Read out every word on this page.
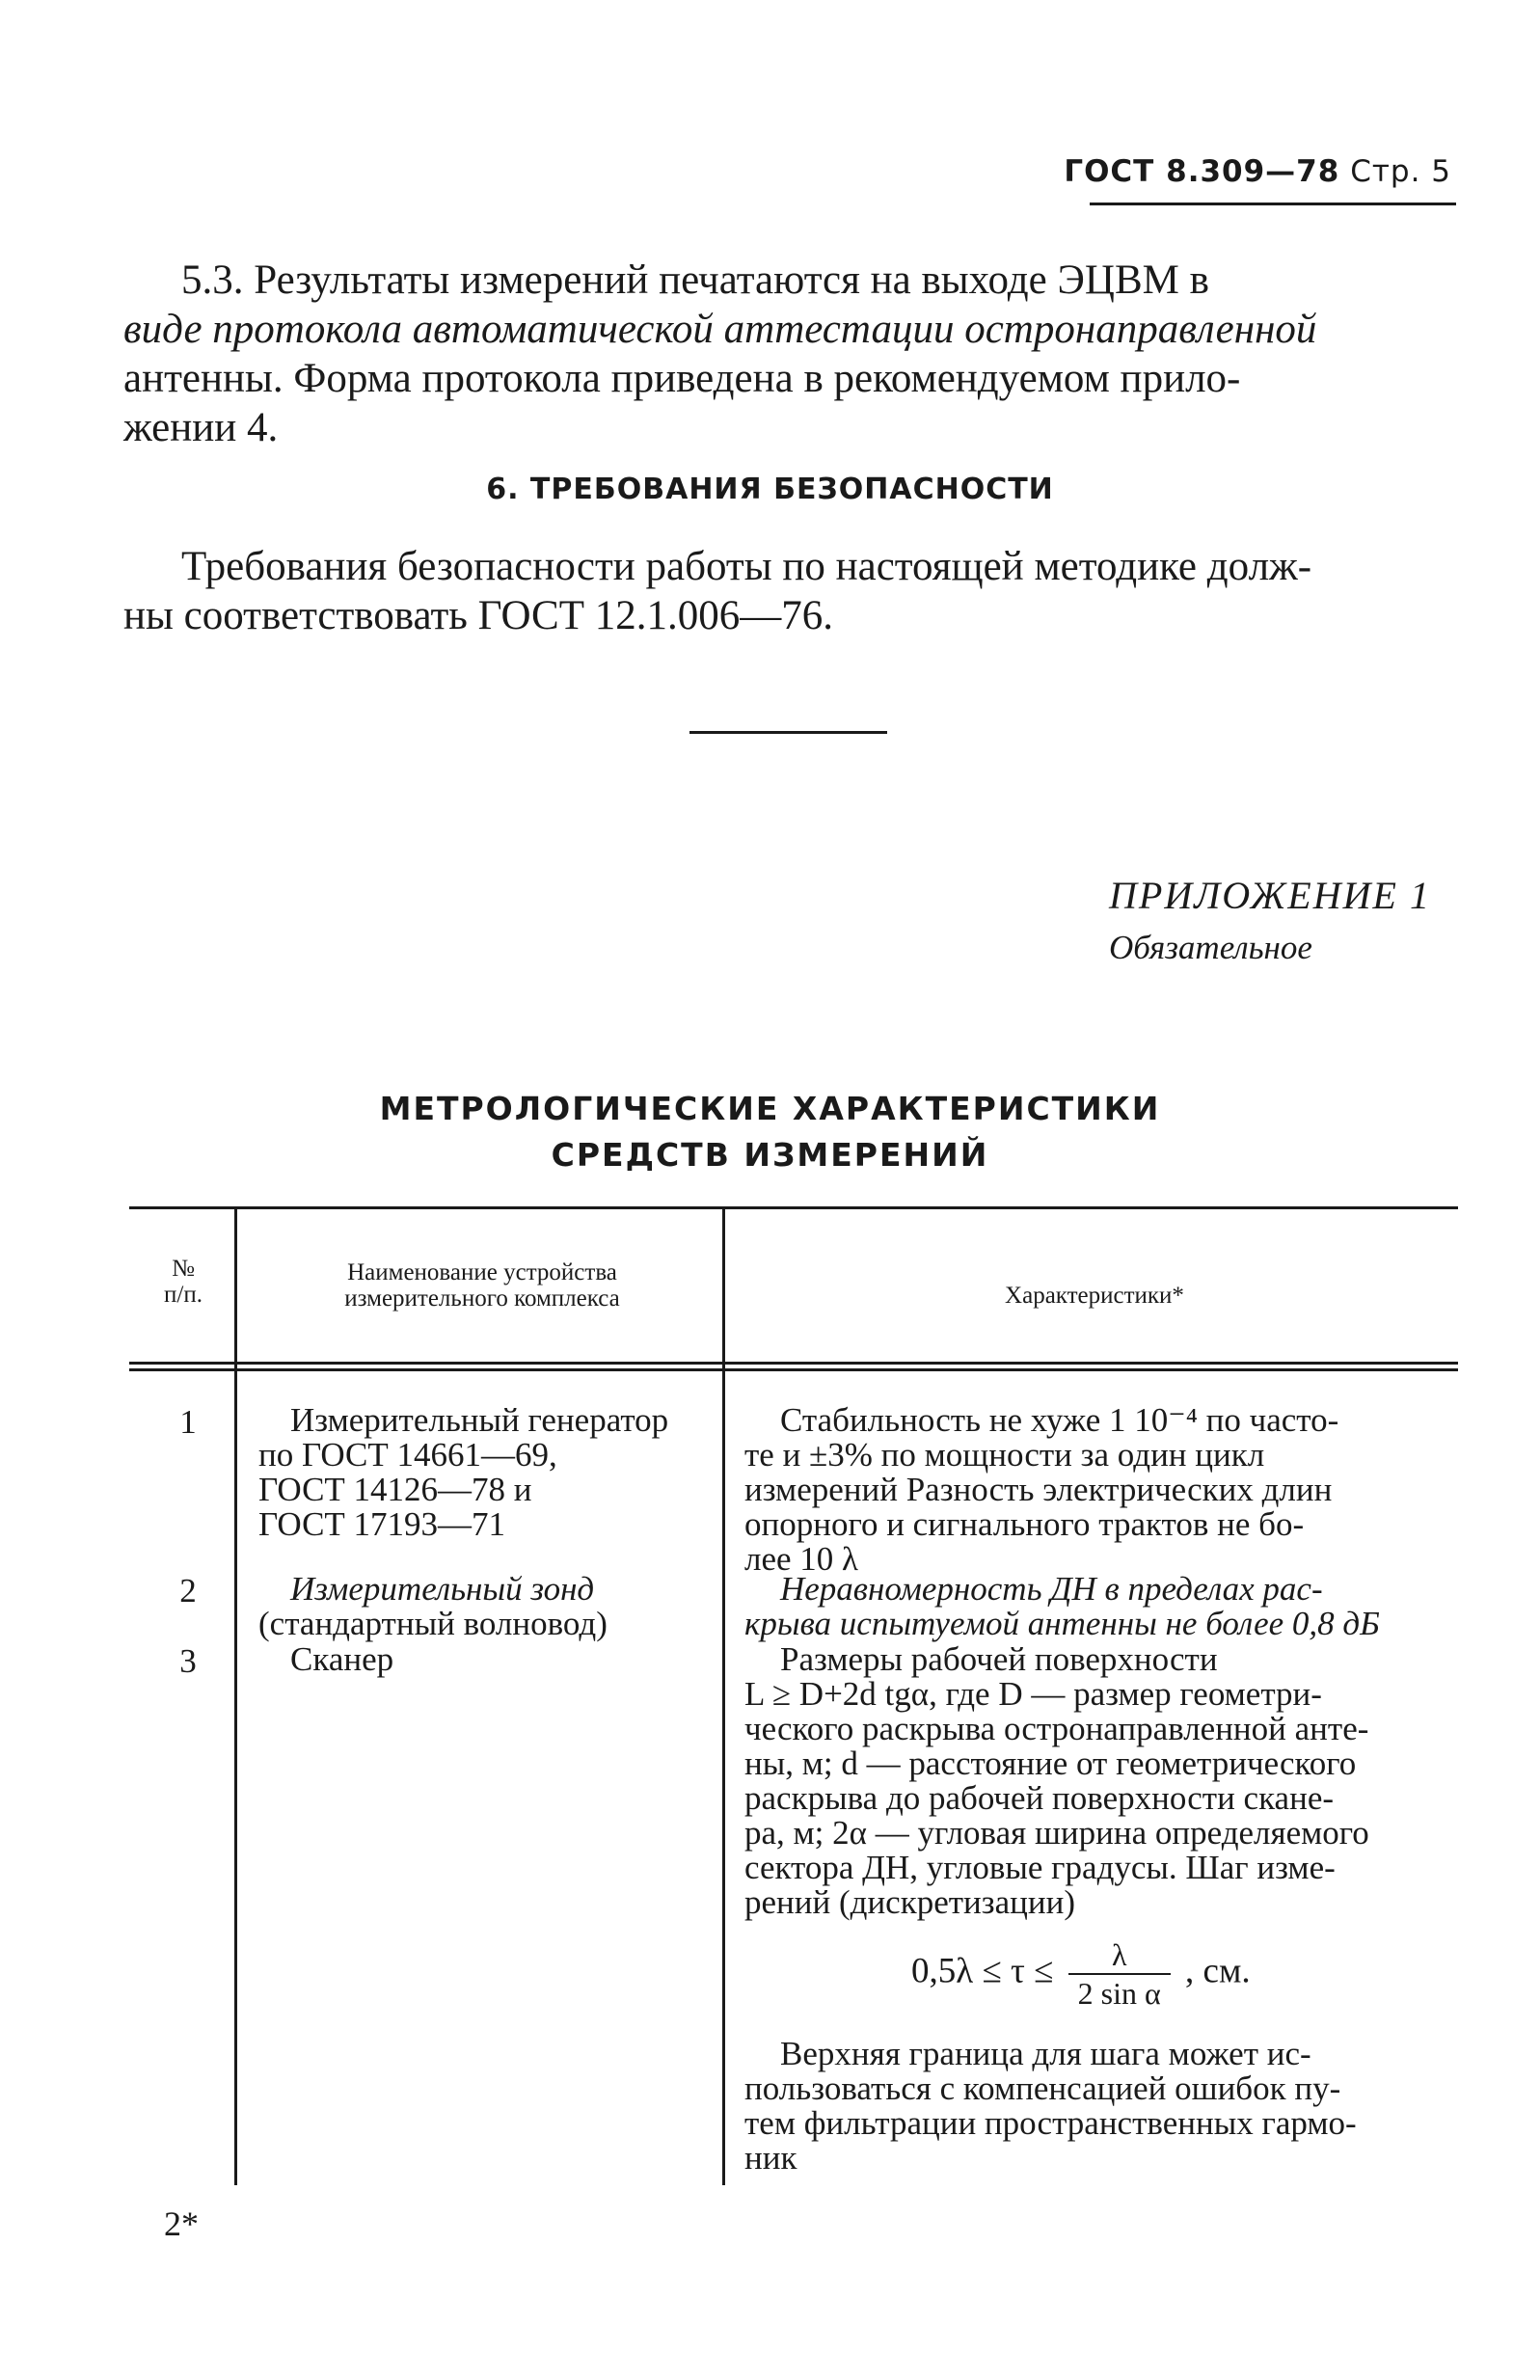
ГОСТ 8.309—78 Стр. 5
5.3. Результаты измерений печатаются на выходе ЭЦВМ в
виде протокола автоматической аттестации остронаправленной
антенны. Форма протокола приведена в рекомендуемом прило-
жении 4.
6. ТРЕБОВАНИЯ БЕЗОПАСНОСТИ
Требования безопасности работы по настоящей методике долж-
ны соответствовать ГОСТ 12.1.006—76.
ПРИЛОЖЕНИЕ 1
Обязательное
МЕТРОЛОГИЧЕСКИЕ ХАРАКТЕРИСТИКИ
СРЕДСТВ ИЗМЕРЕНИЙ
№
п/п.
Наименование устройства
измерительного комплекса	Характеристики*
1
2
3
Измерительный генератор
по ГОСТ 14661—69,
ГОСТ 14126—78 и
ГОСТ 17193—71
Измерительный зонд
(стандартный волновод)
Сканер
Стабильность не хуже 1 10⁻⁴ по часто-
те и ±3% по мощности за один цикл
измерений Разность электрических длин
опорного и сигнального трактов не бо-
лее 10 λ
Неравномерность ДН в пределах рас-
крыва испытуемой антенны не более 0,8 дБ
Размеры рабочей поверхности
L ≥ D+2d tgα, где D — размер геометри-
ческого раскрыва остронаправленной анте-
ны, м; d — расстояние от геометрического
раскрыва до рабочей поверхности скане-
ра, м; 2α — угловая ширина определяемого
сектора ДН, угловые градусы. Шаг изме-
рений (дискретизации)
$0,5\lambda \le \tau \le \frac{\lambda}{\text{2 sin α}}$ , см.
Верхняя граница для шага может ис-
пользоваться с компенсацией ошибок пу-
тем фильтрации пространственных гармо-
ник
2*
